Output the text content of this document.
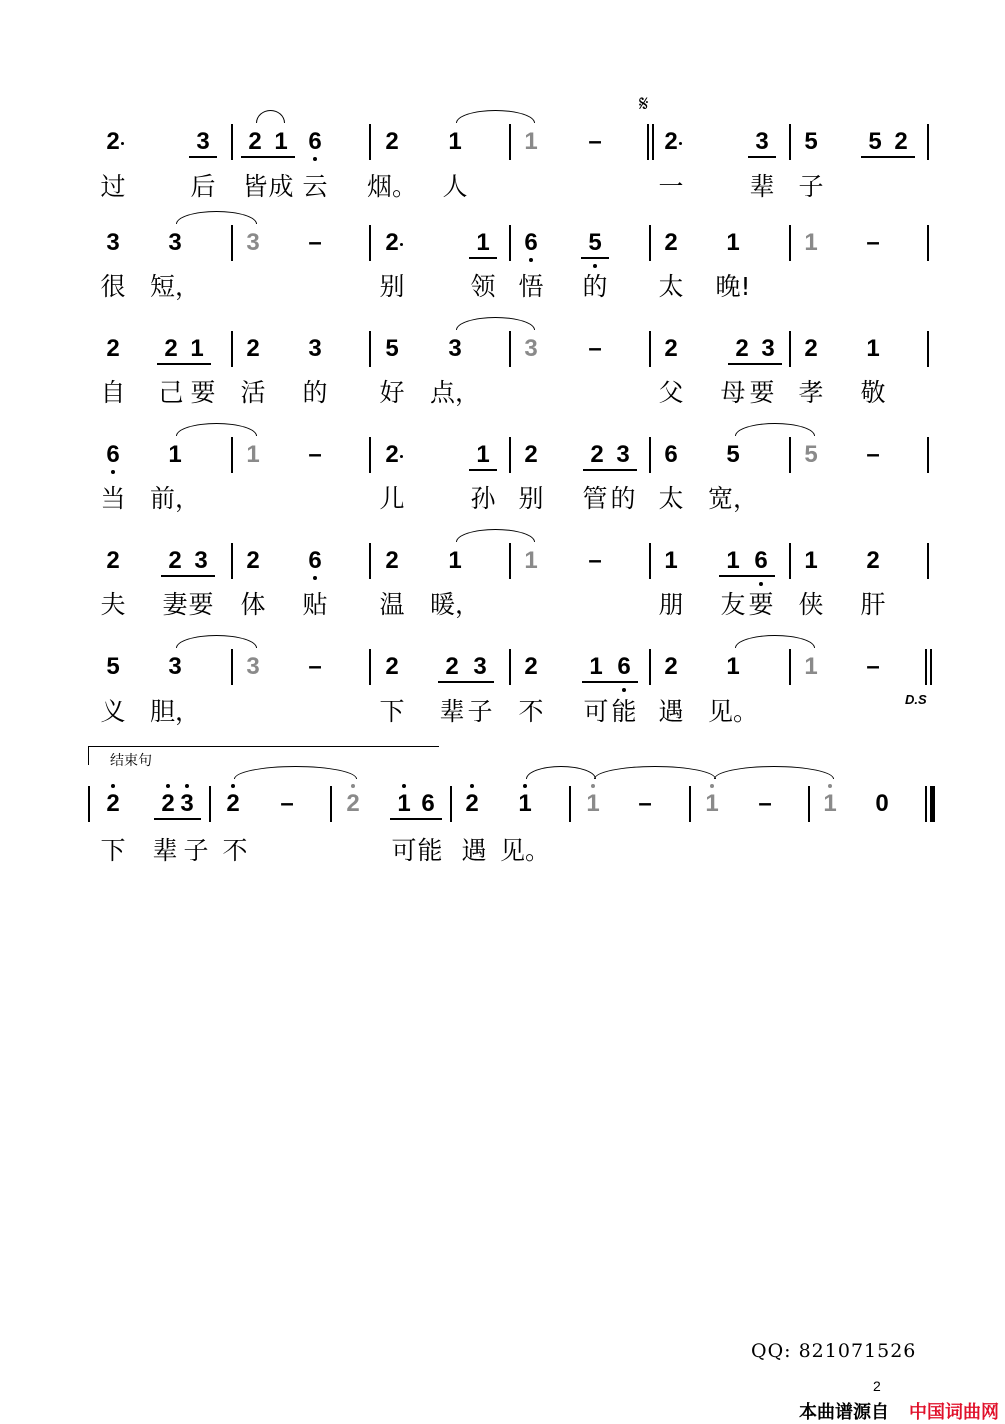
2	3 2 1 6	2 1	1 –	2	3 5 5 2
过	后 皆 成 云 烟。 人	一	辈 子
3 3	3 –	2	1 6 5	2 1	1 –
很 短，	别	领 悟 的 太 晚!
2 2 1 2 3	5 3	3 –	2 2 3 2 1
自 己 要 活 的 好 点，	父 母 要 孝 敬
6 1	1 –	2	1 2 2 3 6 5	5 –
当 前，	儿	孙 别 管 的 太 宽，
2 2 3 2 6	2 1	1 –	1 1 6 1 2
夫 妻 要 体 贴 温 暖，	朋 友 要 侠 肝
5 3	3 –	2 2 3 2 1 6 2 1	1 –
义 胆，	下 辈 子 不 可 能 遇 见。
2 2 3 2 – 2 1 6 2 1 1 – 1 – 1 0
下 辈 子 不	可 能 遇 见。
𝄋
D.S
结束句
QQ: 821071526
2
本曲谱源自 中国词曲网
